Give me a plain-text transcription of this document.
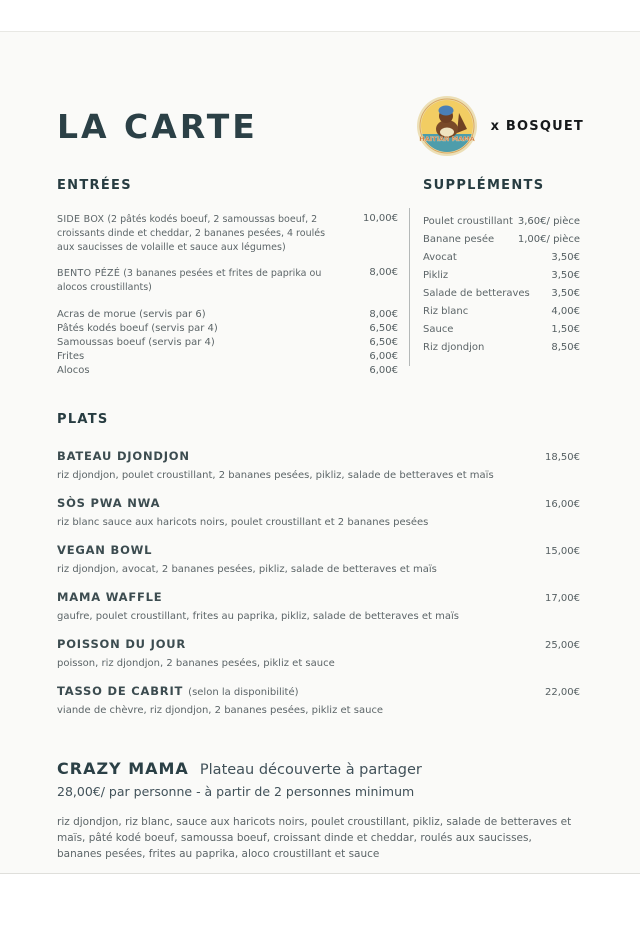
LA CARTE	HAITIAN MAMA
x BOSQUET
ENTRÉES
SIDE BOX (2 pâtés kodés boeuf, 2 samoussas boeuf, 2 croissants dinde et cheddar, 2 bananes pesées, 4 roulés aux saucisses de volaille et sauce aux légumes)
10,00€
BENTO PÉZÉ (3 bananes pesées et frites de paprika ou alocos croustillants)
8,00€
Acras de morue (servis par 6)	8,00€
Pâtés kodés boeuf (servis par 4)	6,50€
Samoussas boeuf (servis par 4)	6,50€
Frites	6,00€
Alocos	6,00€
SUPPLÉMENTS
Poulet croustillant 3,60€/ pièce
Banane pesée 1,00€/ pièce
Avocat	3,50€
Pikliz	3,50€
Salade de betteraves 3,50€
Riz blanc	4,00€
Sauce	1,50€
Riz djondjon	8,50€
PLATS
BATEAU DJONDJON	18,50€

riz djondjon, poulet croustillant, 2 bananes pesées, pikliz, salade de betteraves et maïs

SÒS PWA NWA	16,00€

riz blanc sauce aux haricots noirs, poulet croustillant et 2 bananes pesées

VEGAN BOWL	15,00€

riz djondjon, avocat, 2 bananes pesées, pikliz, salade de betteraves et maïs

MAMA WAFFLE	17,00€

gaufre, poulet croustillant, frites au paprika, pikliz, salade de betteraves et maïs

POISSON DU JOUR	25,00€

poisson, riz djondjon, 2 bananes pesées, pikliz et sauce

TASSO DE CABRIT (selon la disponibilité)	22,00€

viande de chèvre, riz djondjon, 2 bananes pesées, pikliz et sauce

CRAZY MAMA Plateau découverte à partager
28,00€/ par personne - à partir de 2 personnes minimum

riz djondjon, riz blanc, sauce aux haricots noirs, poulet croustillant, pikliz, salade de betteraves et maïs, pâté kodé boeuf, samoussa boeuf, croissant dinde et cheddar, roulés aux saucisses, bananes pesées, frites au paprika, aloco croustillant et sauce
